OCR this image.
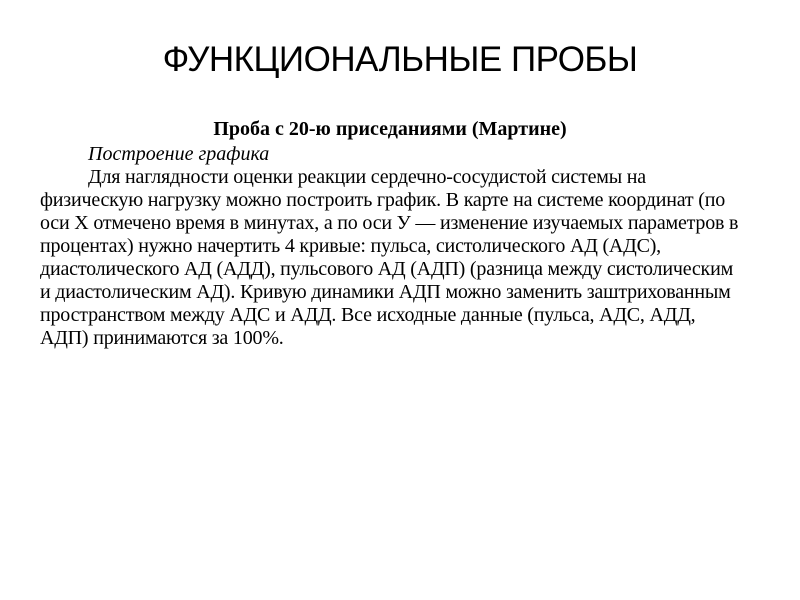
ФУНКЦИОНАЛЬНЫЕ ПРОБЫ
Проба с 20-ю приседаниями (Мартине)
Построение графика

Для наглядности оценки реакции сердечно-сосудистой системы на физическую нагрузку можно построить график. В карте на системе координат (по оси Х отмечено время в минутах, а по оси У — изменение изучаемых параметров в процентах) нужно начертить 4 кривые: пульса, систолического АД (АДС), диастолического АД (АДД), пульсового АД (АДП) (разница между систолическим и диастолическим АД). Кривую динамики АДП можно заменить заштрихованным пространством между АДС и АДД. Все исходные данные (пульса, АДС, АДД, АДП) принимаются за 100%.
